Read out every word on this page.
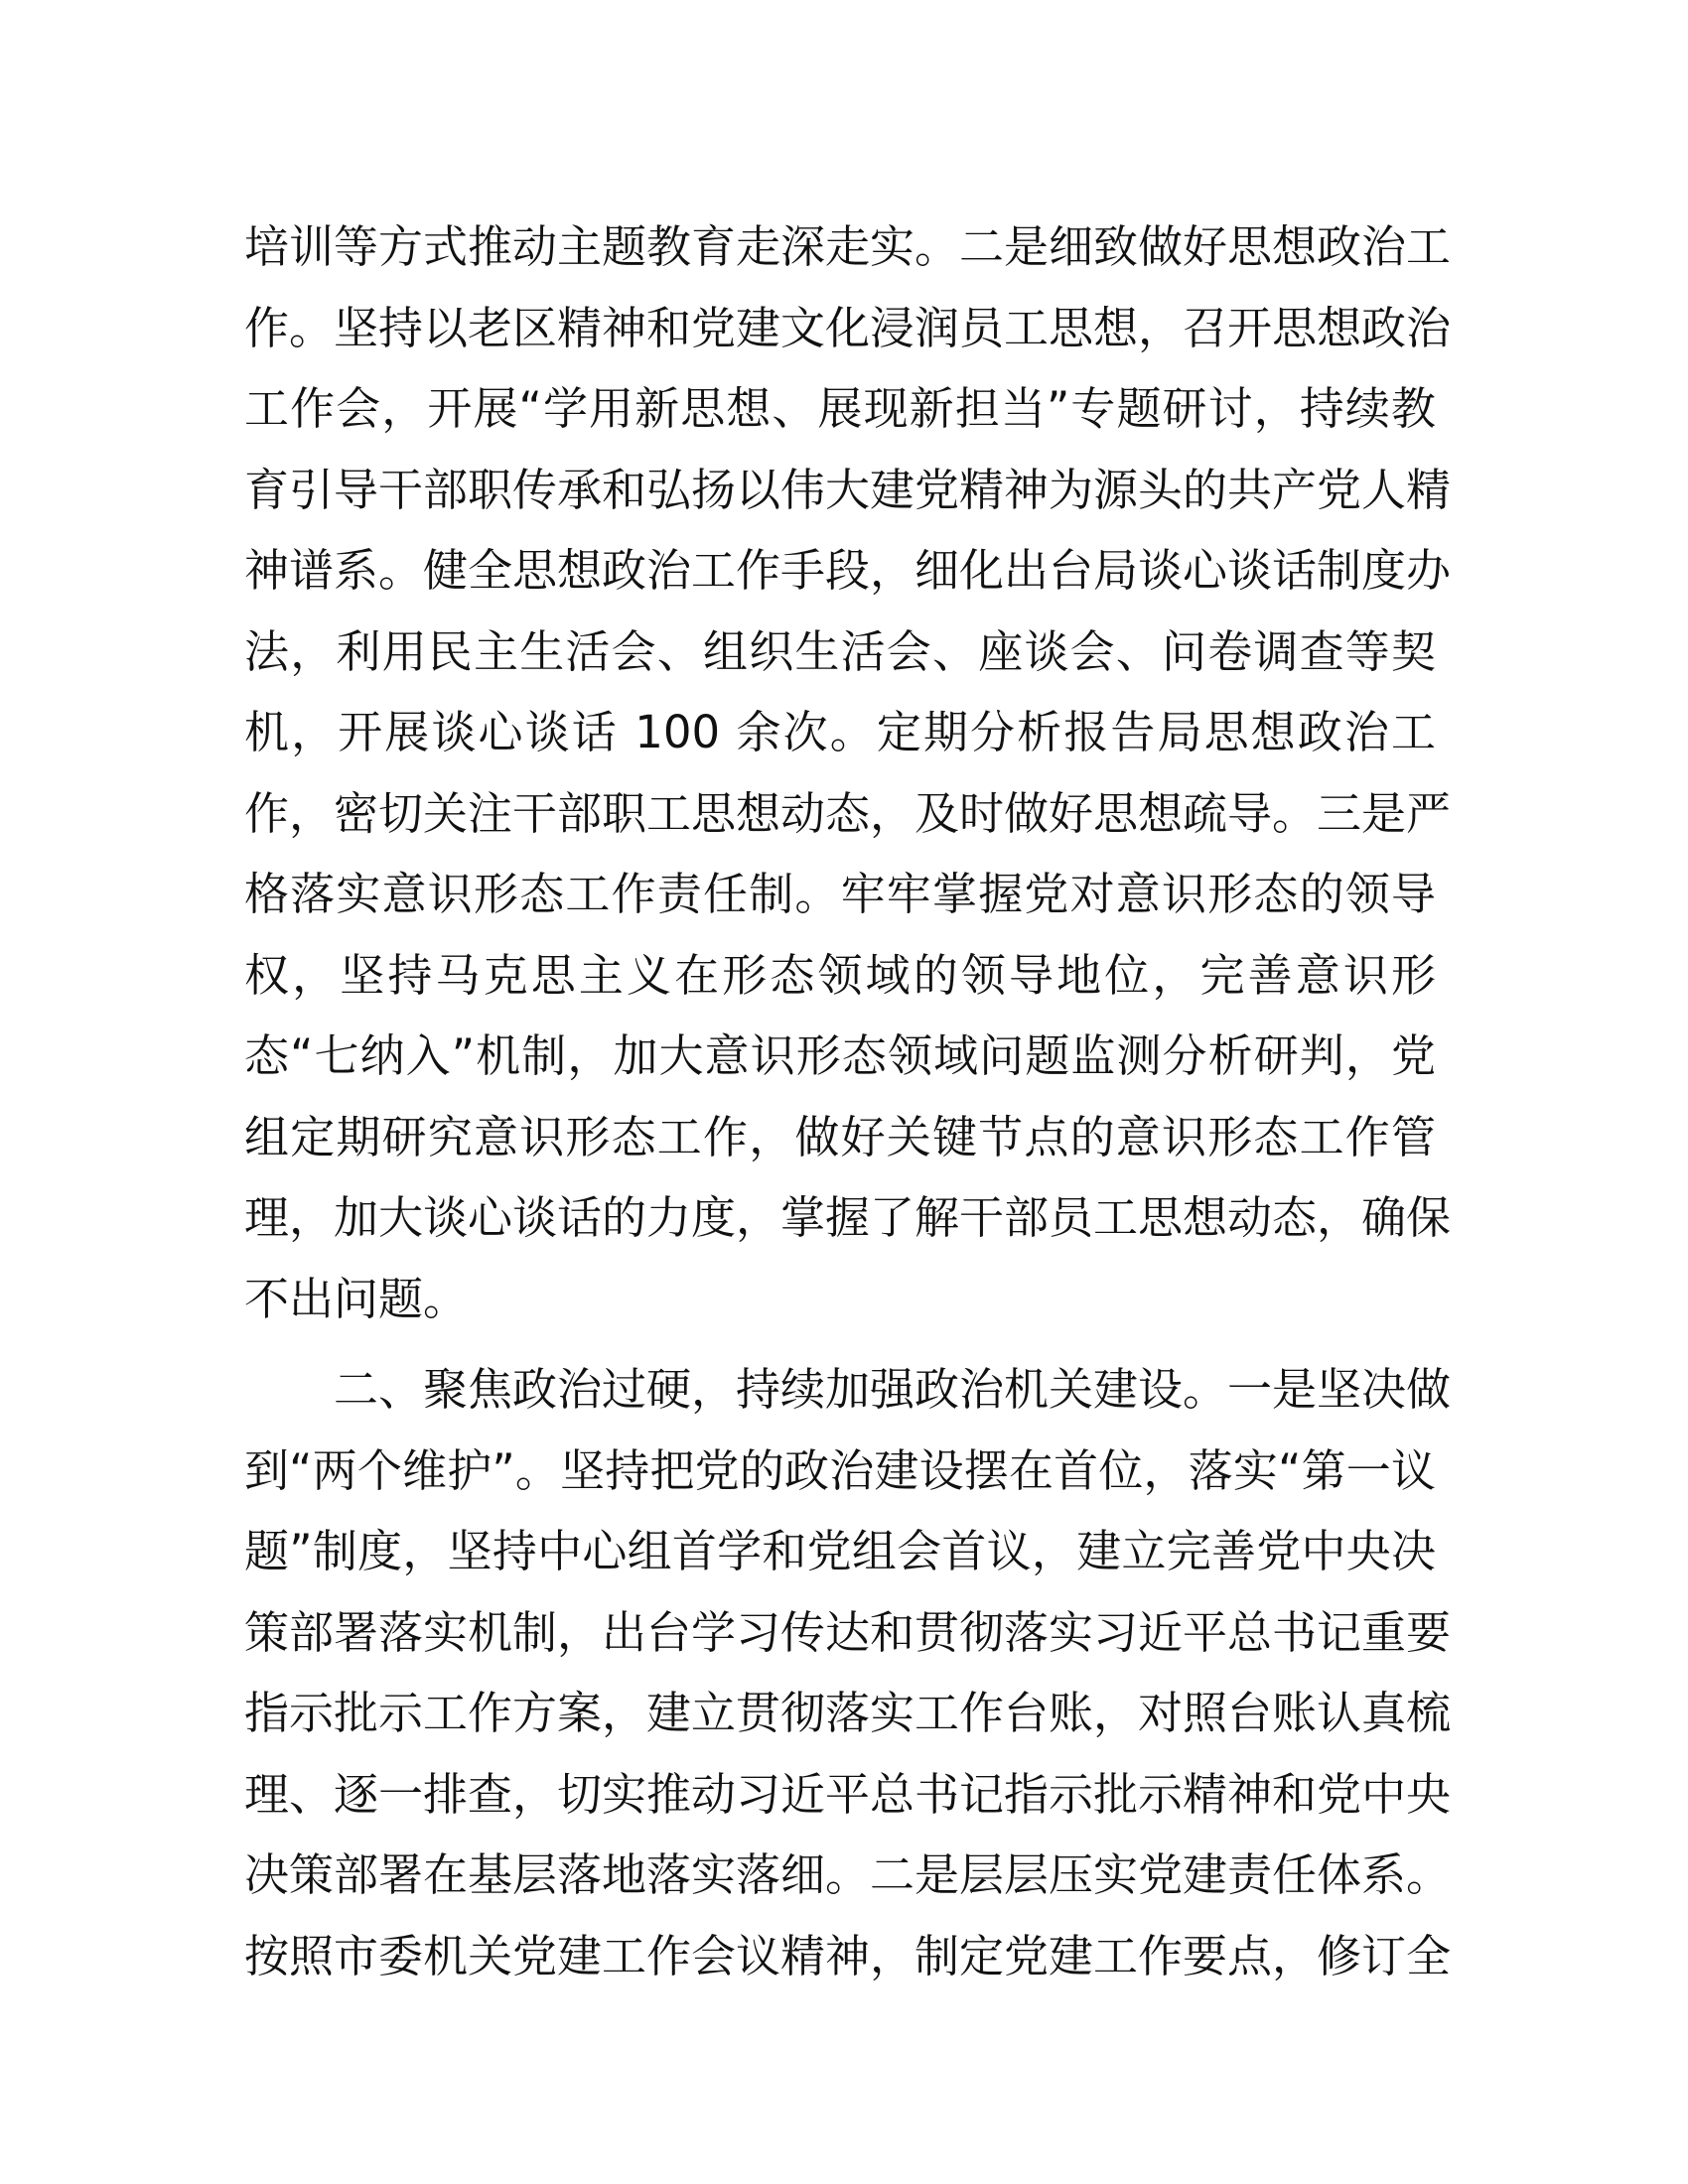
培训等方式推动主题教育走深走实。二是细致做好思想政治工
作。坚持以老区精神和党建文化浸润员工思想，召开思想政治
工作会，开展“学用新思想、展现新担当”专题研讨，持续教
育引导干部职传承和弘扬以伟大建党精神为源头的共产党人精
神谱系。健全思想政治工作手段，细化出台局谈心谈话制度办
法，利用民主生活会、组织生活会、座谈会、问卷调查等契
机，开展谈心谈话 100 余次。定期分析报告局思想政治工
作，密切关注干部职工思想动态，及时做好思想疏导。三是严
格落实意识形态工作责任制。牢牢掌握党对意识形态的领导
权，坚持马克思主义在形态领域的领导地位，完善意识形
态“七纳入”机制，加大意识形态领域问题监测分析研判，党
组定期研究意识形态工作，做好关键节点的意识形态工作管
理，加大谈心谈话的力度，掌握了解干部员工思想动态，确保
不出问题。
二、聚焦政治过硬，持续加强政治机关建设。一是坚决做
到“两个维护”。坚持把党的政治建设摆在首位，落实“第一议
题”制度，坚持中心组首学和党组会首议，建立完善党中央决
策部署落实机制，出台学习传达和贯彻落实习近平总书记重要
指示批示工作方案，建立贯彻落实工作台账，对照台账认真梳
理、逐一排查，切实推动习近平总书记指示批示精神和党中央
决策部署在基层落地落实落细。二是层层压实党建责任体系。
按照市委机关党建工作会议精神，制定党建工作要点，修订全
